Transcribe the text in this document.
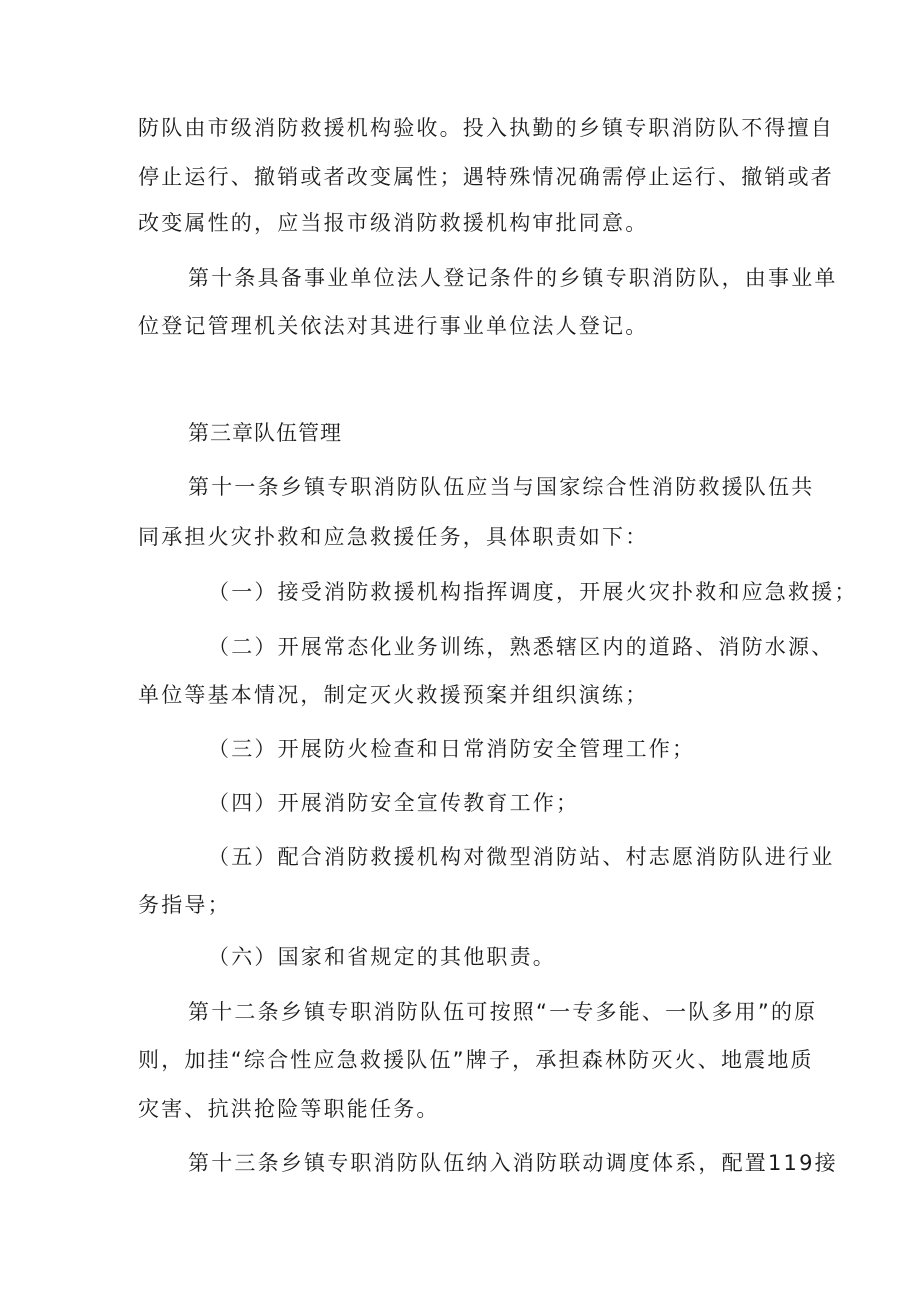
防队由市级消防救援机构验收。投入执勤的乡镇专职消防队不得擅自
停止运行、撤销或者改变属性；遇特殊情况确需停止运行、撤销或者
改变属性的，应当报市级消防救援机构审批同意。
第十条具备事业单位法人登记条件的乡镇专职消防队，由事业单
位登记管理机关依法对其进行事业单位法人登记。
第三章队伍管理
第十一条乡镇专职消防队伍应当与国家综合性消防救援队伍共
同承担火灾扑救和应急救援任务，具体职责如下：
（一）接受消防救援机构指挥调度，开展火灾扑救和应急救援；
（二）开展常态化业务训练，熟悉辖区内的道路、消防水源、
单位等基本情况，制定灭火救援预案并组织演练；
（三）开展防火检查和日常消防安全管理工作；
（四）开展消防安全宣传教育工作；
（五）配合消防救援机构对微型消防站、村志愿消防队进行业
务指导；
（六）国家和省规定的其他职责。
第十二条乡镇专职消防队伍可按照“一专多能、一队多用”的原
则，加挂“综合性应急救援队伍”牌子，承担森林防灭火、地震地质
灾害、抗洪抢险等职能任务。
第十三条乡镇专职消防队伍纳入消防联动调度体系，配置119接
